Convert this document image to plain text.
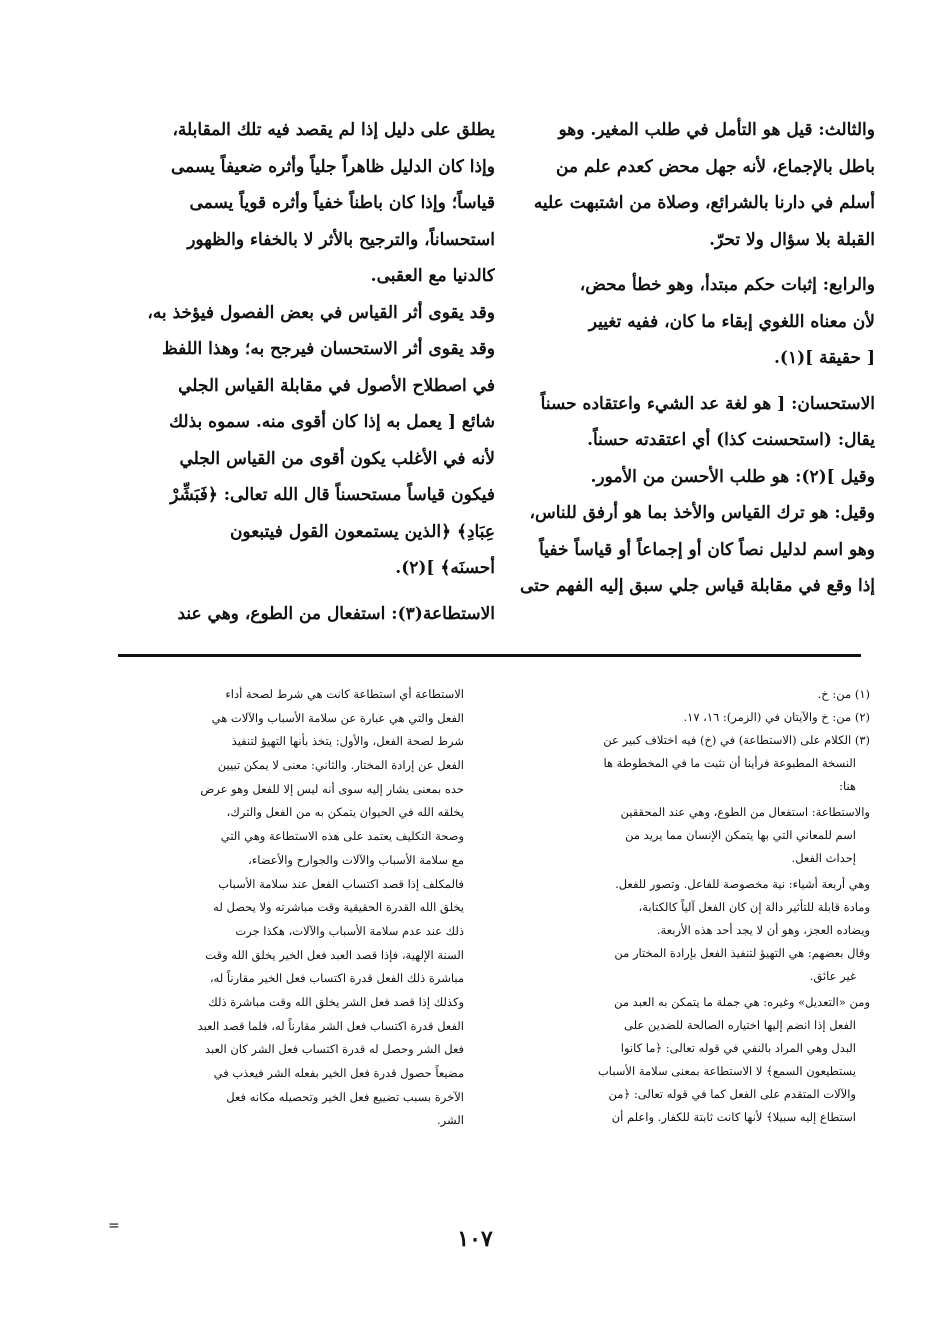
والثالث: قيل هو التأمل في طلب المغير. وهو
باطل بالإجماع، لأنه جهل محض كعدم علم من
أسلم في دارنا بالشرائع، وصلاة من اشتبهت عليه
القبلة بلا سؤال ولا تحرّ.
والرابع: إثبات حكم مبتدأ، وهو خطأ محض،
لأن معناه اللغوي إبقاء ما كان، ففيه تغيير
[ حقيقة ](١).
الاستحسان: [ هو لغة عد الشيء واعتقاده حسناً
يقال: (استحسنت كذا) أي اعتقدته حسناً.
وقيل ](٢): هو طلب الأحسن من الأمور.
وقيل: هو ترك القياس والأخذ بما هو أرفق للناس،
وهو اسم لدليل نصاً كان أو إجماعاً أو قياساً خفياً
إذا وقع في مقابلة قياس جلي سبق إليه الفهم حتى
يطلق على دليل إذا لم يقصد فيه تلك المقابلة،
وإذا كان الدليل ظاهراً جلياً وأثره ضعيفاً يسمى
قياساً؛ وإذا كان باطناً خفياً وأثره قوياً يسمى
استحساناً، والترجيح بالأثر لا بالخفاء والظهور
كالدنيا مع العقبى.
وقد يقوى أثر القياس في بعض الفصول فيؤخذ به،
وقد يقوى أثر الاستحسان فيرجح به؛ وهذا اللفظ
في اصطلاح الأصول في مقابلة القياس الجلي
شائع [ يعمل به إذا كان أقوى منه. سموه بذلك
لأنه في الأغلب يكون أقوى من القياس الجلي
فيكون قياساً مستحسناً قال الله تعالى: ﴿فَبَشِّرْ
عِبَادِ﴾ ﴿الذين يستمعون القول فيتبعون
أحسنَه﴾ ](٢).
الاستطاعة(٣): استفعال من الطوع، وهي عند
(١) من: خ.
(٢) من: خ والآيتان في (الزمر): ١٦، ١٧.
(٣) الكلام على (الاستطاعة) في (خ) فيه اختلاف كبير عن
النسخة المطبوعة فرأينا أن نثبت ما في المخطوطة ها
هنا:
والاستطاعة: استفعال من الطوع، وهي عند المحققين
اسم للمعاني التي بها يتمكن الإنسان مما يريد من
إحداث الفعل.
وهي أربعة أشياء: نية مخصوصة للفاعل. وتصور للفعل.
ومادة قابلة للتأثير دالة إن كان الفعل آلياً كالكتابة،
ويضاده العجز، وهو أن لا يجد أحد هذه الأربعة.
وقال بعضهم: هي التهيؤ لتنفيذ الفعل بإرادة المختار من
غير عائق.
ومن «التعديل» وغيره: هي جملة ما يتمكن به العبد من
الفعل إذا انضم إليها اختياره الصالحة للضدين على
البدل وهي المراد بالنفي في قوله تعالى: ﴿ما كانوا
يستطيعون السمع﴾ لا الاستطاعة بمعنى سلامة الأسباب
والآلات المتقدم على الفعل كما في قوله تعالى: ﴿من
استطاع إليه سبيلا﴾ لأنها كانت ثابتة للكفار. واعلم أن
الاستطاعة أي استطاعة كانت هي شرط لصحة أداء
الفعل والتي هي عبارة عن سلامة الأسباب والآلات هي
شرط لصحة الفعل، والأول: يتخذ بأنها التهيؤ لتنفيذ
الفعل عن إرادة المختار. والثاني: معنى لا يمكن تبيين
حده بمعنى يشار إليه سوى أنه ليس إلا للفعل وهو عرض
يخلقه الله في الحيوان يتمكن به من الفعل والترك،
وصحة التكليف يعتمد على هذه الاستطاعة وهي التي
مع سلامة الأسباب والآلات والجوارح والأعضاء،
فالمكلف إذا قصد اكتساب الفعل عند سلامة الأسباب
يخلق الله القدرة الحقيقية وقت مباشرته ولا يحصل له
ذلك عند عدم سلامة الأسباب والآلات، هكذا جرت
السنة الإلهية، فإذا قصد العبد فعل الخير يخلق الله وقت
مباشرة ذلك الفعل قدرة اكتساب فعل الخير مقارناً له،
وكذلك إذا قصد فعل الشر يخلق الله وقت مباشرة ذلك
الفعل قدرة اكتساب فعل الشر مقارناً له، فلما قصد العبد
فعل الشر وحصل له قدرة اكتساب فعل الشر كان العبد
مضيعاً حصول قدرة فعل الخير بفعله الشر فيعذب في
الآخرة بسبب تضييع فعل الخير وتحصيله مكانه فعل
الشر.
=	١٠٧
